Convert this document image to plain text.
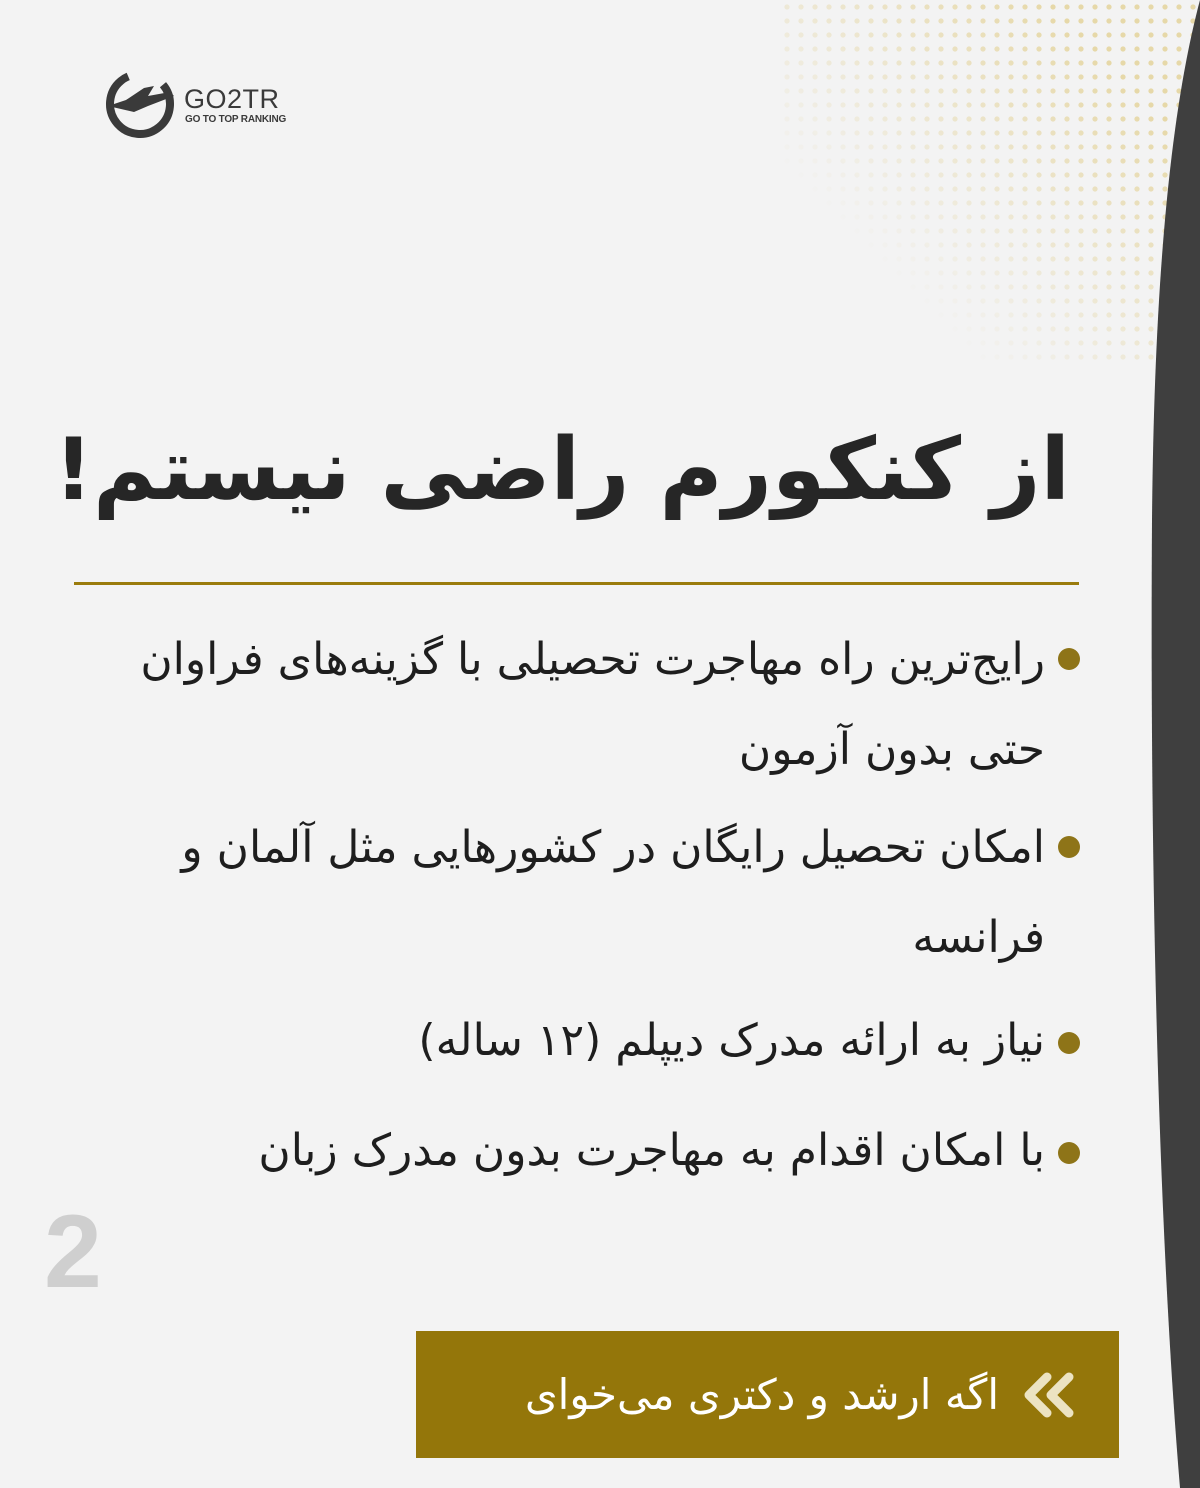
GO2TR
GO TO TOP RANKING
از کنکورم راضی نیستم!
رایج‌ترین راه مهاجرت تحصیلی با گزینه‌های فراوان حتی بدون آزمون
امکان تحصیل رایگان در کشورهایی مثل آلمان و فرانسه
نیاز به ارائه مدرک دیپلم (۱۲ ساله)
با امکان اقدام به مهاجرت بدون مدرک زبان
2
اگه ارشد و دکتری می‌خوای
